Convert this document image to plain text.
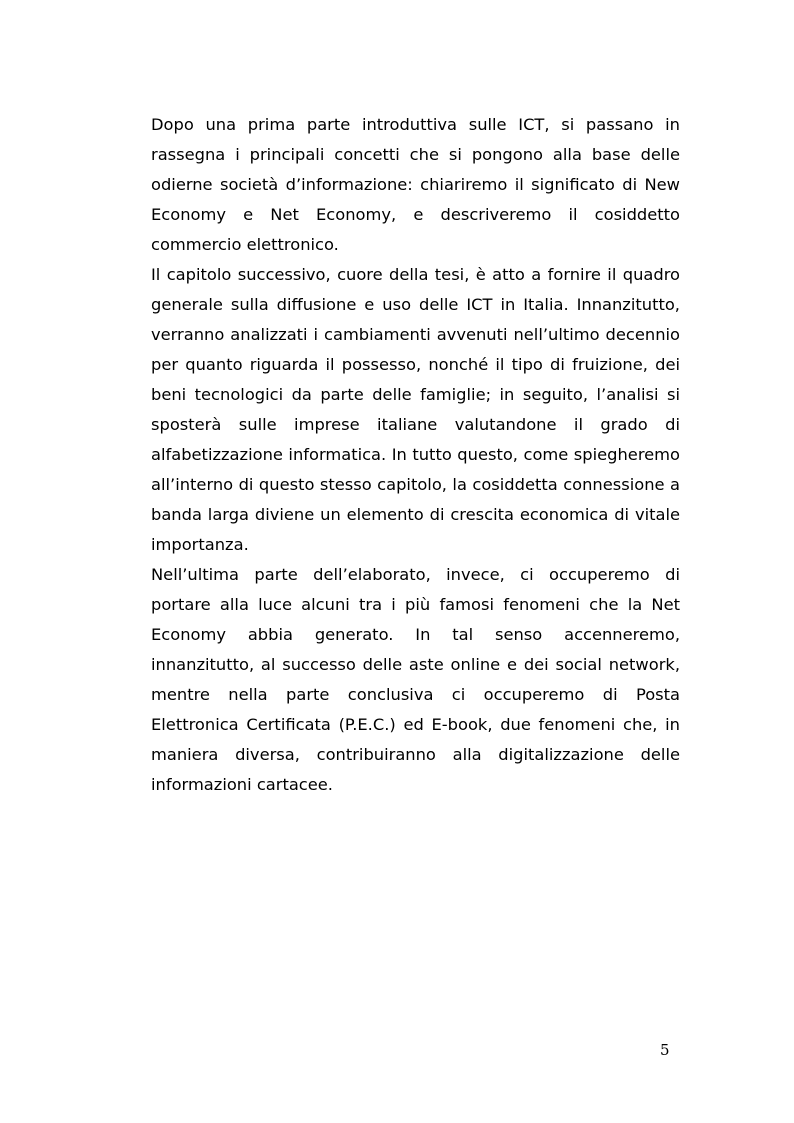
Dopo una prima parte introduttiva sulle ICT, si passano in rassegna i principali concetti che si pongono alla base delle odierne società d’informazione: chiariremo il significato di New Economy e Net Economy, e descriveremo il cosiddetto commercio elettronico.

Il capitolo successivo, cuore della tesi, è atto a fornire il quadro generale sulla diffusione e uso delle ICT in Italia. Innanzitutto, verranno analizzati i cambiamenti avvenuti nell’ultimo decennio per quanto riguarda il possesso, nonché il tipo di fruizione, dei beni tecnologici da parte delle famiglie; in seguito, l’analisi si sposterà sulle imprese italiane valutandone il grado di alfabetizzazione informatica. In tutto questo, come spiegheremo all’interno di questo stesso capitolo, la cosiddetta connessione a banda larga diviene un elemento di crescita economica di vitale importanza.

Nell’ultima parte dell’elaborato, invece, ci occuperemo di portare alla luce alcuni tra i più famosi fenomeni che la Net Economy abbia generato. In tal senso accenneremo, innanzitutto, al successo delle aste online e dei social network, mentre nella parte conclusiva ci occuperemo di Posta Elettronica Certificata (P.E.C.) ed E-book, due fenomeni che, in maniera diversa, contribuiranno alla digitalizzazione delle informazioni cartacee.

5
